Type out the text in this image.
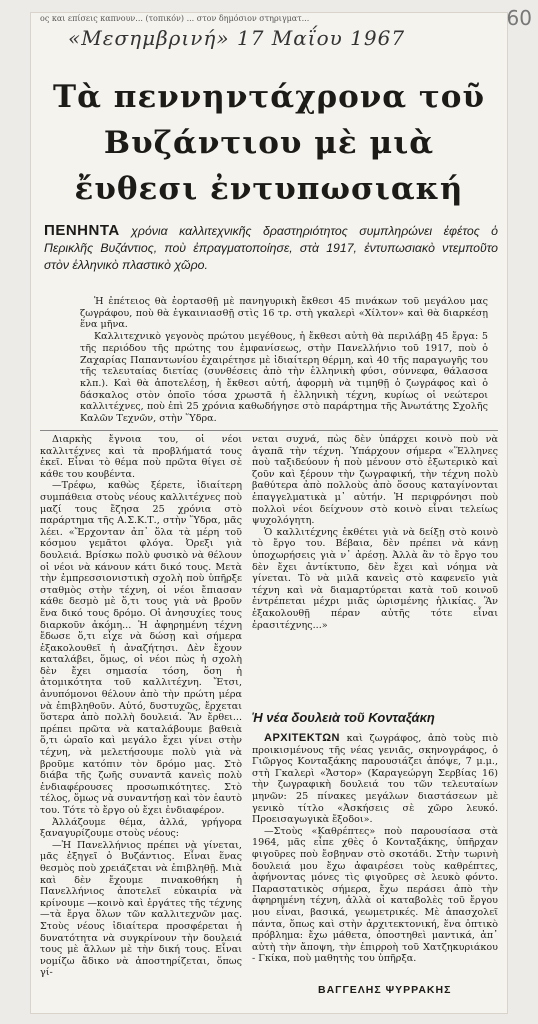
ος και επίσεις καπνουν... (τοπικόν) ... στον δημόσιον στηριγματ...	60
«Μεσημβρινή» 17 Μαΐου 1967
Τὰ πεννηντάχρονα τοῦ
Βυζάντιου μὲ μιὰ
ἔυθεσι ἐντυπωσιακή
ΠΕΝΗΝΤΑ χρόνια καλλιτεχνικῆς δραστηριότητος συμπληρώνει ἐφέτος ὁ Περικλῆς Βυζάντιος, ποὺ ἐπραγματοποίησε, στὰ 1917, ἐντυπωσιακὸ ντεμποῦτο στὸν ἑλληνικὸ πλαστικὸ χῶρο.

Ἡ ἐπέτειος θὰ ἑορτασθῇ μὲ πανηγυρικὴ ἔκθεσι 45 πινάκων τοῦ μεγάλου μας ζωγράφου, ποὺ θὰ ἐγκαινιασθῇ στὶς 16 τρ. στὴ γκαλερὶ «Χίλτον» καὶ θὰ διαρκέσῃ ἕνα μῆνα.

Καλλιτεχνικὸ γεγονὸς πρώτου μεγέθους, ἡ ἔκθεσι αὐτὴ θὰ περιλάβῃ 45 ἔργα: 5 τῆς περιόδου τῆς πρώτης του ἐμφανίσεως, στὴν Πανελλήνιο τοῦ 1917, ποὺ ὁ Ζαχαρίας Παπαντωνίου ἐχαιρέτησε μὲ ἰδιαίτερη θέρμη, καὶ 40 τῆς παραγωγῆς του τῆς τελευταίας διετίας (συνθέσεις ἀπὸ τὴν ἑλληνικὴ φύσι, σύννεφα, θάλασσα κλπ.). Καὶ θὰ ἀποτελέσῃ, ἡ ἔκθεσι αὐτή, ἀφορμὴ νὰ τιμηθῇ ὁ ζωγράφος καὶ ὁ δάσκαλος στὸν ὁποῖο τόσα χρωστᾶ ἡ ἑλληνικὴ τέχνη, κυρίως οἱ νεώτεροι καλλιτέχνες, ποὺ ἐπὶ 25 χρόνια καθωδήγησε στὸ παράρτημα τῆς Ἀνωτάτης Σχολῆς Καλῶν Τεχνῶν, στὴν Ὕδρα.

Διαρκὴς ἔγνοια του, οἱ νέοι καλλιτέχνες καὶ τὰ προβλήματά τους ἐκεῖ. Εἶναι τὸ θέμα ποὺ πρῶτα θίγει σὲ κάθε του κουβέντα.

—Τρέφω, καθὼς ξέρετε, ἰδιαίτερη συμπάθεια στοὺς νέους καλλιτέχνες ποὺ μαζί τους ἔζησα 25 χρόνια στὸ παράρτημα τῆς Α.Σ.Κ.Τ., στὴν Ὕδρα, μᾶς λέει. «Ἔρχονταν ἀπ᾽ ὅλα τὰ μέρη τοῦ κόσμου γεμᾶτοι φλόγα. Ὀρεξι γιὰ δουλειά. Βρίσκω πολὺ φυσικὸ νὰ θέλουν οἱ νέοι νὰ κάνουν κάτι δικό τους. Μετὰ τὴν ἐμπρεσσιονιστικὴ σχολὴ ποὺ ὑπῆρξε σταθμὸς στὴν τέχνη, οἱ νέοι ἔπιασαν κάθε δεσμὸ μὲ ὅ,τι τους γιὰ νὰ βροῦν ἕνα δικό τους δρόμο. Οἱ ἀνησυχίες τους διαρκοῦν ἀκόμη... Ἡ ἀφηρημένη τέχνη ἔδωσε ὅ,τι εἶχε νὰ δώσῃ καὶ σήμερα ἐξακολουθεῖ ἡ ἀναζήτησι. Δὲν ἔχουν καταλάβει, ὅμως, οἱ νέοι πὼς ἡ σχολὴ δὲν ἔχει σημασία τόση, ὅση ἡ ἀτομικότητα τοῦ καλλιτέχνη. Ἔτσι, ἀνυπόμονοι θέλουν ἀπὸ τὴν πρώτη μέρα νὰ ἐπιβληθοῦν. Αὐτό, δυστυχῶς, ἔρχεται ὕστερα ἀπὸ πολλὴ δουλειά. Ἂν ἔρθει... πρέπει πρῶτα νὰ καταλάβουμε βαθειὰ ὅ,τι ὡραῖο καὶ μεγάλο ἔχει γίνει στὴν τέχνη, νὰ μελετήσουμε πολὺ γιὰ νὰ βροῦμε κατόπιν τὸν δρόμο μας. Στὸ διάβα τῆς ζωῆς συναντᾶ κανεὶς πολὺ ἐνδιαφέρουσες προσωπικότητες. Στὸ τέλος, ὅμως νὰ συναντήσῃ καὶ τὸν ἑαυτὸ του. Τότε τὸ ἔργο οὐ ἔχει ἐνδιαφέρον.

Ἀλλάζουμε θέμα, ἀλλά, γρήγορα ξαναγυρίζουμε στοὺς νέους:

—Ἡ Πανελλήνιος πρέπει νὰ γίνεται, μᾶς ἐξηγεῖ ὁ Βυζάντιος. Εἶναι ἕνας θεσμὸς ποὺ χρειάζεται νὰ ἐπιβληθῇ. Μιὰ καὶ δὲν ἔχουμε πινακοθήκη ἡ Πανελλήνιος ἀποτελεῖ εὐκαιρία νὰ κρίνουμε —κοινὸ καὶ ἐργάτες τῆς τέχνης —τὰ ἔργα ὅλων τῶν καλλιτεχνῶν μας. Στοὺς νέους ἰδιαίτερα προσφέρεται ἡ δυνατότητα νὰ συγκρίνουν τὴν δουλειά τους μὲ ἄλλων μὲ τὴν δική τους. Εἶναι νομίζω ἄδικο νὰ ἀποστηρίζεται, ὅπως γί-

νεται συχνά, πὼς δὲν ὑπάρχει κοινὸ ποὺ νὰ ἀγαπᾶ τὴν τέχνη. Ὑπάρχουν σήμερα «Ἕλληνες ποὺ ταξιδεύουν ἡ ποὺ μένουν στὸ ἐξωτερικὸ καὶ ζοῦν καὶ ξέρουν τὴν ζωγραφική, τὴν τέχνη πολὺ βαθύτερα ἀπὸ πολλοὺς ἀπὸ ὅσους καταγίνονται ἐπαγγελματικὰ μ᾽ αὐτήν. Ἡ περιφρόνησι ποὺ πολλοὶ νέοι δείχνουν στὸ κοινὸ εἶναι τελείως ψυχολόγητη.

Ὁ καλλιτέχνης ἐκθέτει γιὰ νὰ δείξῃ στὸ κοινὸ τὸ ἔργο του. Βέβαια, δὲν πρέπει νὰ κάνῃ ὑποχωρήσεις γιὰ ν᾽ ἀρέσῃ. Ἀλλὰ ἂν τὸ ἔργο του δὲν ἔχει ἀντίκτυπο, δὲν ἔχει καὶ νόημα νὰ γίνεται. Τὸ νὰ μιλᾶ κανεὶς στὸ καφενεῖο γιὰ τέχνη καὶ νὰ διαμαρτύρεται κατὰ τοῦ κοινοῦ ἐντρέπεται μέχρι μιᾶς ὡρισμένης ἡλικίας. Ἂν ἐξακολουθῇ πέραν αὐτῆς τότε εἶναι ἐρασιτέχνης...»

Ἡ νέα δουλειὰ τοῦ Κονταξάκη

ΑΡΧΙΤΕΚΤΩΝ καὶ ζωγράφος, ἀπὸ τοὺς πιὸ προικισμένους τῆς νέας γενιᾶς, σκηνογράφος, ὁ Γιῶργος Κονταξάκης παρουσιάζει ἀπόψε, 7 μ.μ., στὴ Γκαλερὶ «Ἄστορ» (Καραγεώργη Σερβίας 16) τὴν ζωγραφικὴ δουλειά του τῶν τελευταίων μηνῶν: 25 πίνακες μεγάλων διαστάσεων μὲ γενικὸ τίτλο «Ἀσκήσεις σὲ χῶρο λευκό. Προεισαγωγικὰ ἔξοδοι».

—Στοὺς «Καθρέπτες» ποὺ παρουσίασα στὰ 1964, μᾶς εἶπε χθὲς ὁ Κονταξάκης, ὑπῆρχαν φιγοῦρες ποὺ ἔσβηναν στὸ σκοτάδι. Στὴν τωρινὴ δουλειά μου ἔχω ἀφαιρέσει τοὺς καθρέπτες, ἀφήνοντας μόνες τὶς φιγοῦρες σὲ λευκὸ φόντο. Παραστατικὸς σήμερα, ἔχω περάσει ἀπὸ τὴν ἀφηρημένη τέχνη, ἀλλὰ οἱ καταβολὲς τοῦ ἔργου μου εἶναι, βασικά, γεωμετρικές. Μὲ ἀπασχολεῖ πάντα, ὅπως καὶ στὴν ἀρχιτεκτονική, ἕνα ὀπτικὸ πρόβλημα: ἔχω μάθετα, ὁποστηθεὶ μαντικά, ἀπ᾽ αὐτὴ τὴν ἄποψη, τὴν ἐπιρροὴ τοῦ Χατζηκυριάκου - Γκίκα, ποὺ μαθητὴς του ὑπῆρξα.

ΒΑΓΓΕΛΗΣ ΨΥΡΡΑΚΗΣ
